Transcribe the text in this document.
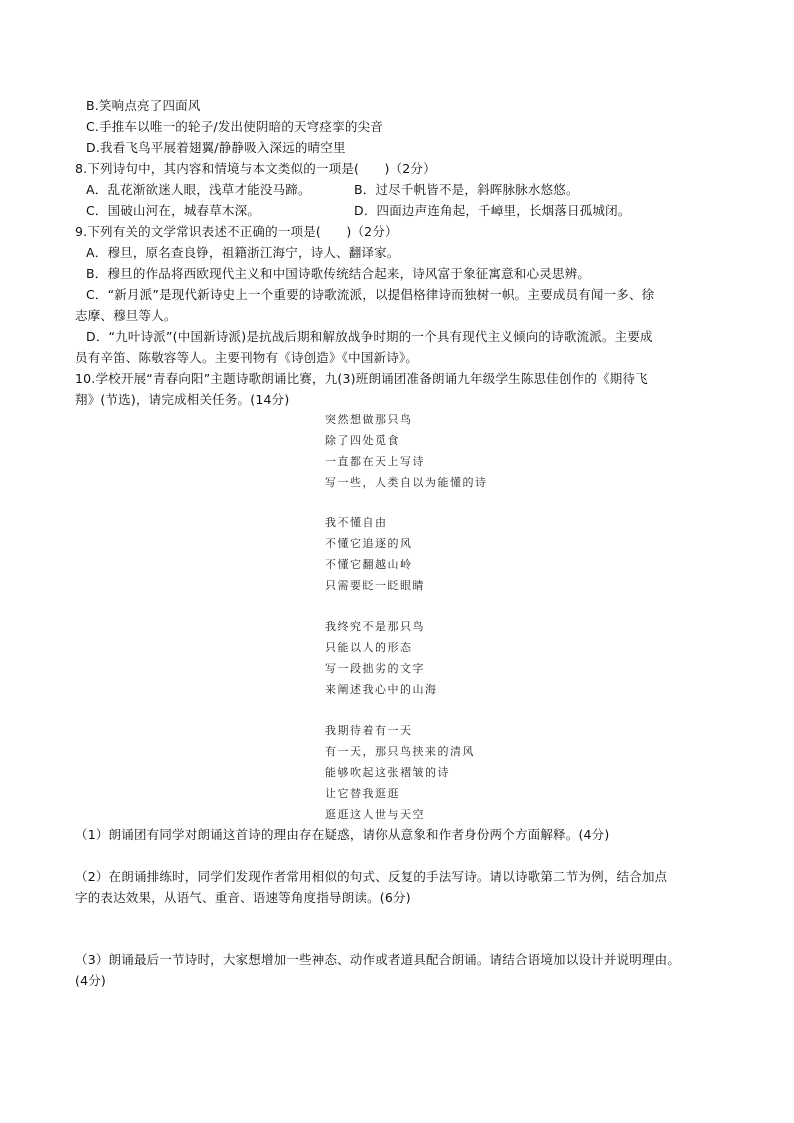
B.笑响点亮了四面风
C.手推车以唯一的轮子/发出使阴暗的天穹痉挛的尖音
D.我看飞鸟平展着翅翼/静静吸入深远的晴空里
8.下列诗句中，其内容和情境与本文类似的一项是(　　)（2分）
A．乱花渐欲迷人眼，浅草才能没马蹄。	B．过尽千帆皆不是，斜晖脉脉水悠悠。
C．国破山河在，城春草木深。	D．四面边声连角起，千嶂里，长烟落日孤城闭。
9.下列有关的文学常识表述不正确的一项是(　　)（2分）
A．穆旦，原名查良铮，祖籍浙江海宁，诗人、翻译家。
B．穆旦的作品将西欧现代主义和中国诗歌传统结合起来，诗风富于象征寓意和心灵思辨。
C．“新月派”是现代新诗史上一个重要的诗歌流派，以提倡格律诗而独树一帜。主要成员有闻一多、徐
志摩、穆旦等人。
D．“九叶诗派”(中国新诗派)是抗战后期和解放战争时期的一个具有现代主义倾向的诗歌流派。主要成
员有辛笛、陈敬容等人。主要刊物有《诗创造》《中国新诗》。
10.学校开展“青春向阳”主题诗歌朗诵比赛，九(3)班朗诵团准备朗诵九年级学生陈思佳创作的《期待飞
翔》(节选)，请完成相关任务。(14分)
突然想做那只鸟
除了四处觅食
一直都在天上写诗
写一些，人类自以为能懂的诗
我不懂自由
不懂它追逐的风
不懂它翻越山岭
只需要眨一眨眼睛
我终究不是那只鸟
只能以人的形态
写一段拙劣的文字
来阐述我心中的山海
我期待着有一天
有一天，那只鸟挟来的清风
能够吹起这张褶皱的诗
让它替我逛逛
逛逛这人世与天空
（1）朗诵团有同学对朗诵这首诗的理由存在疑惑，请你从意象和作者身份两个方面解释。(4分)
（2）在朗诵排练时，同学们发现作者常用相似的句式、反复的手法写诗。请以诗歌第二节为例，结合加点
字的表达效果，从语气、重音、语速等角度指导朗读。(6分)
（3）朗诵最后一节诗时，大家想增加一些神态、动作或者道具配合朗诵。请结合语境加以设计并说明理由。
(4分)
